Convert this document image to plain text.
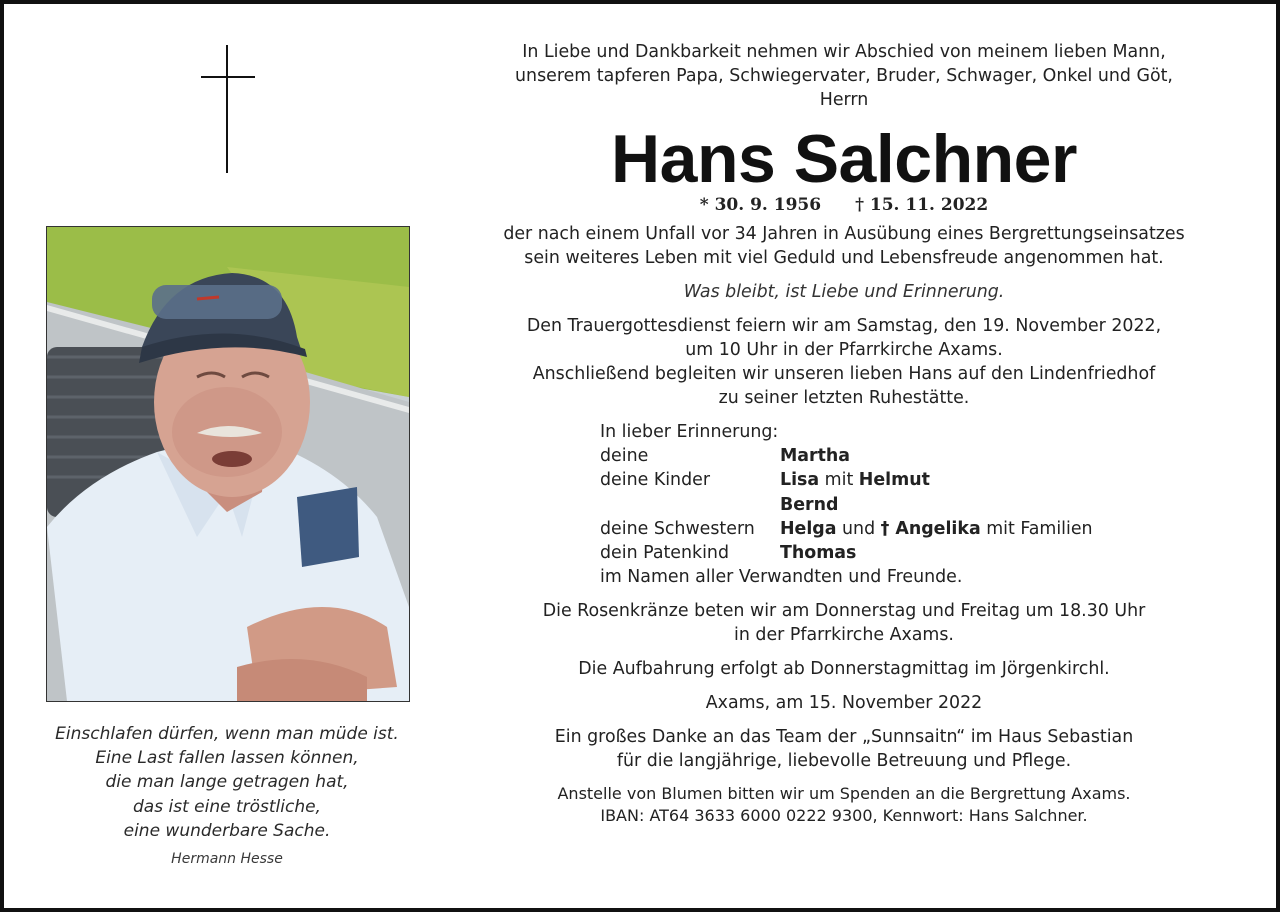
Einschlafen dürfen, wenn man müde ist.
Eine Last fallen lassen können,
die man lange getragen hat,
das ist eine tröstliche,
eine wunderbare Sache.
Hermann Hesse
In Liebe und Dankbarkeit nehmen wir Abschied von meinem lieben Mann,
unserem tapferen Papa, Schwiegervater, Bruder, Schwager, Onkel und Göt,
Herrn
Hans Salchner
* 30. 9. 1956 † 15. 11. 2022
der nach einem Unfall vor 34 Jahren in Ausübung eines Bergrettungseinsatzes
sein weiteres Leben mit viel Geduld und Lebensfreude angenommen hat.
Was bleibt, ist Liebe und Erinnerung.
Den Trauergottesdienst feiern wir am Samstag, den 19. November 2022,
um 10 Uhr in der Pfarrkirche Axams.
Anschließend begleiten wir unseren lieben Hans auf den Lindenfriedhof
zu seiner letzten Ruhestätte.
In lieber Erinnerung:
deine	Martha
deine Kinder	Lisa mit Helmut
Bernd
deine Schwestern	Helga und † Angelika mit Familien
dein Patenkind	Thomas
im Namen aller Verwandten und Freunde.
Die Rosenkränze beten wir am Donnerstag und Freitag um 18.30 Uhr
in der Pfarrkirche Axams.
Die Aufbahrung erfolgt ab Donnerstagmittag im Jörgenkirchl.
Axams, am 15. November 2022
Ein großes Danke an das Team der „Sunnsaitn“ im Haus Sebastian
für die langjährige, liebevolle Betreuung und Pflege.
Anstelle von Blumen bitten wir um Spenden an die Bergrettung Axams.
IBAN: AT64 3633 6000 0222 9300, Kennwort: Hans Salchner.
